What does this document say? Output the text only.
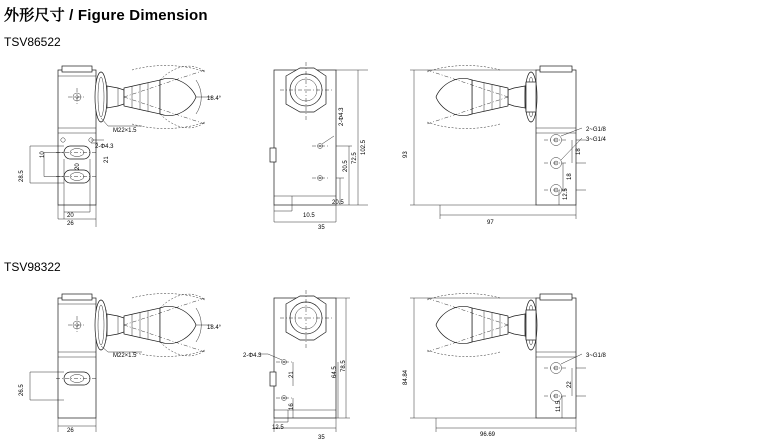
外形尺寸 / Figure Dimension
TSV86522
TSV98322
18.4°
M22×1.5
2-Φ4.3
10
28.5
21
20
20
26
2-Φ4.3
20.5
72.5
102.5
20.5
10.5
35
2~G1/8
3~G1/4
93	18
18
12.5
97
18.4°
M22×1.5
26.5
26
2-Φ4.3
21	64.5
78.5
16
12.5
35
3~G1/8
84.84	22
11.5
96.69
